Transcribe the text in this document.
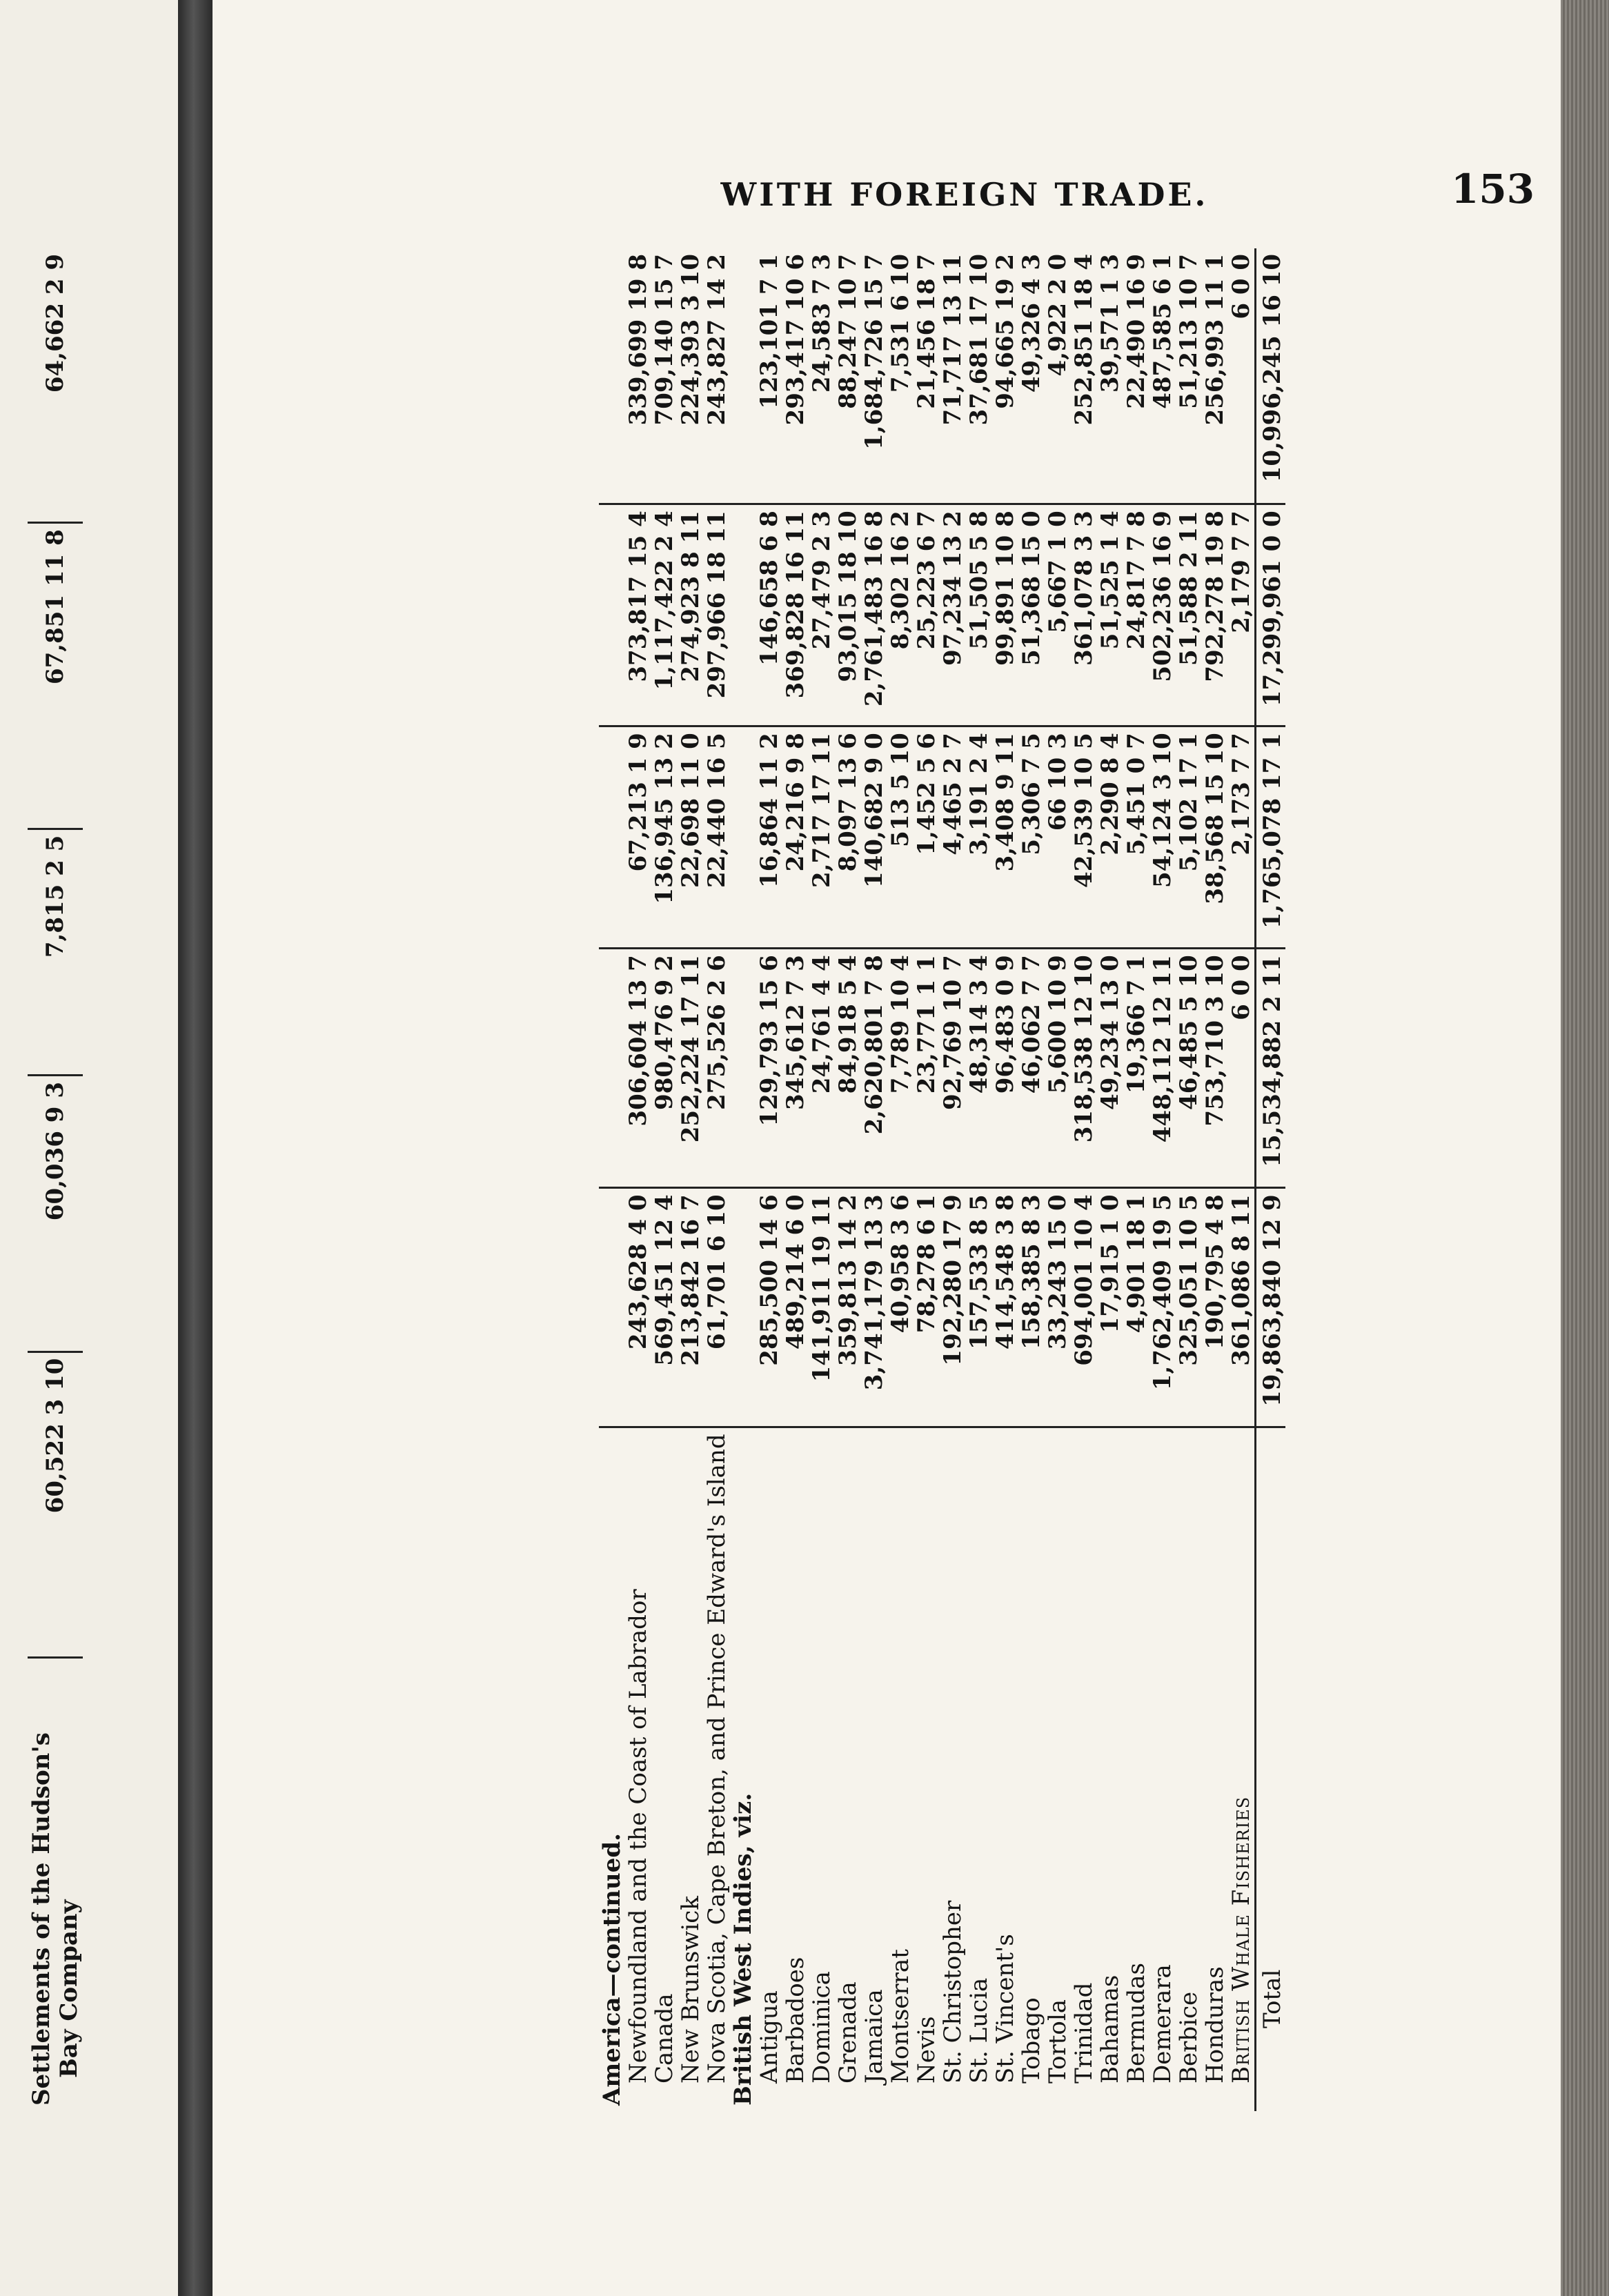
Settlements of the Hudson's Bay Company
	60,522 3 10	60,036 9 3	7,815 2 5	67,851 11 8	64,662 2 9
WITH FOREIGN TRADE.	153
America—continued.					
Newfoundland and the Coast of Labrador	243,628 4 0	306,604 13 7	67,213 1 9	373,817 15 4	339,699 19 8
Canada	569,451 12 4	980,476 9 2	136,945 13 2	1,117,422 2 4	709,140 15 7
New Brunswick	213,842 16 7	252,224 17 11	22,698 11 0	274,923 8 11	224,393 3 10
Nova Scotia, Cape Breton, and Prince Edward's Island	61,701 6 10	275,526 2 6	22,440 16 5	297,966 18 11	243,827 14 2
British West Indies, viz.					
Antigua	285,500 14 6	129,793 15 6	16,864 11 2	146,658 6 8	123,101 7 1
Barbadoes	489,214 6 0	345,612 7 3	24,216 9 8	369,828 16 11	293,417 10 6
Dominica	141,911 19 11	24,761 4 4	2,717 17 11	27,479 2 3	24,583 7 3
Grenada	359,813 14 2	84,918 5 4	8,097 13 6	93,015 18 10	88,247 10 7
Jamaica	3,741,179 13 3	2,620,801 7 8	140,682 9 0	2,761,483 16 8	1,684,726 15 7
Montserrat	40,958 3 6	7,789 10 4	513 5 10	8,302 16 2	7,531 6 10
Nevis	78,278 6 1	23,771 1 1	1,452 5 6	25,223 6 7	21,456 18 7
St. Christopher	192,280 17 9	92,769 10 7	4,465 2 7	97,234 13 2	71,717 13 11
St. Lucia	157,533 8 5	48,314 3 4	3,191 2 4	51,505 5 8	37,681 17 10
St. Vincent's	414,548 3 8	96,483 0 9	3,408 9 11	99,891 10 8	94,665 19 2
Tobago	158,385 8 3	46,062 7 7	5,306 7 5	51,368 15 0	49,326 4 3
Tortola	33,243 15 0	5,600 10 9	66 10 3	5,667 1 0	4,922 2 0
Trinidad	694,001 10 4	318,538 12 10	42,539 10 5	361,078 3 3	252,851 18 4
Bahamas	17,915 1 0	49,234 13 0	2,290 8 4	51,525 1 4	39,571 1 3
Bermudas	4,901 18 1	19,366 7 1	5,451 0 7	24,817 7 8	22,490 16 9
Demerara	1,762,409 19 5	448,112 12 11	54,124 3 10	502,236 16 9	487,585 6 1
Berbice	325,051 10 5	46,485 5 10	5,102 17 1	51,588 2 11	51,213 10 7
Honduras	190,795 4 8	753,710 3 10	38,568 15 10	792,278 19 8	256,993 11 1
British Whale Fisheries	361,086 8 11	6 0 0	2,173 7 7	2,179 7 7	6 0 0
Total	19,863,840 12 9	15,534,882 2 11	1,765,078 17 1	17,299,961 0 0	10,996,245 16 10
